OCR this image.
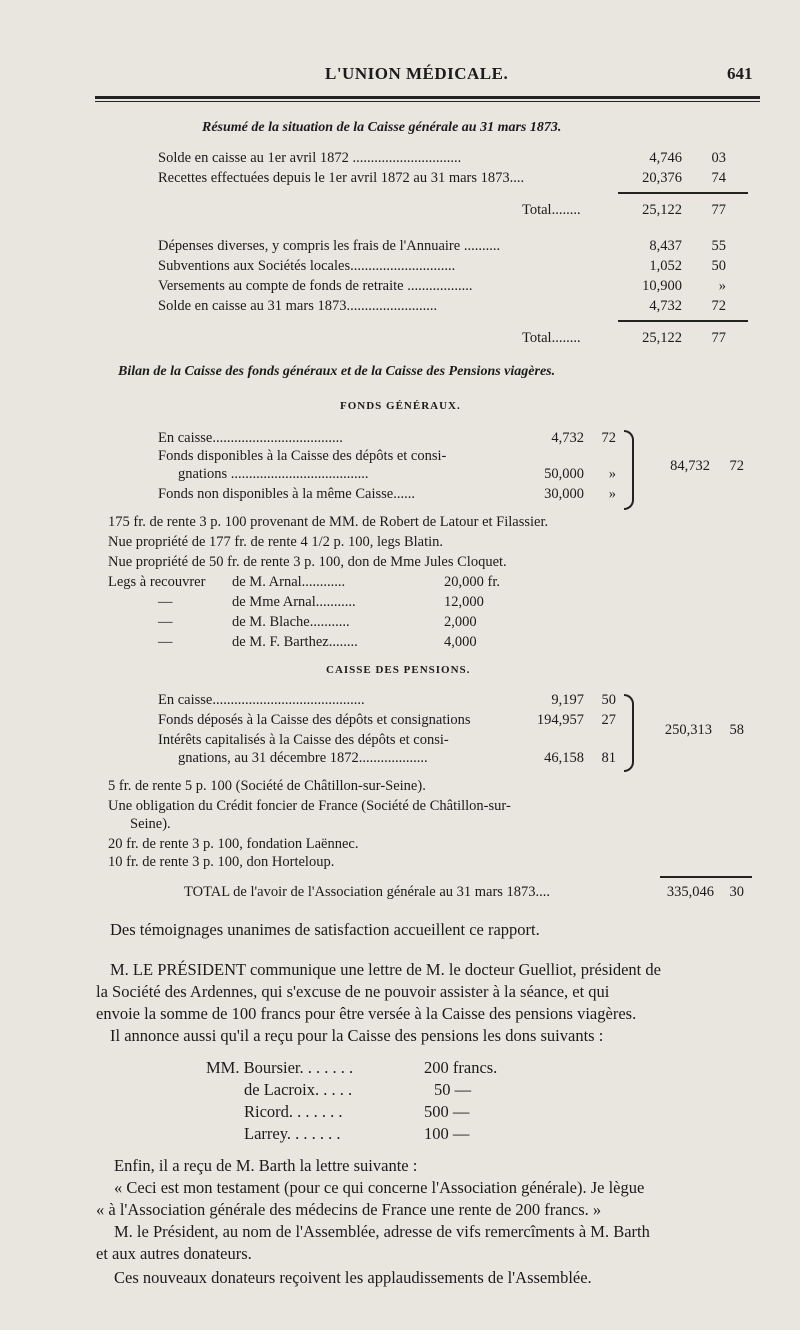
L'UNION MÉDICALE.	641
Résumé de la situation de la Caisse générale au 31 mars 1873.
Solde en caisse au 1er avril 1872 ..............................	4,746	03
Recettes effectuées depuis le 1er avril 1872 au 31 mars 1873....	20,376	74
Total........	25,122	77
Dépenses diverses, y compris les frais de l'Annuaire ..........	8,437	55
Subventions aux Sociétés locales.............................	1,052	50
Versements au compte de fonds de retraite ..................	10,900	»
Solde en caisse au 31 mars 1873.........................	4,732	72
Total........	25,122	77
Bilan de la Caisse des fonds généraux et de la Caisse des Pensions viagères.
FONDS GÉNÉRAUX.
En caisse....................................	4,732	72
Fonds disponibles à la Caisse des dépôts et consi-
gnations ......................................	50,000	»
Fonds non disponibles à la même Caisse......	30,000	»
84,732	72
175 fr. de rente 3 p. 100 provenant de MM. de Robert de Latour et Filassier.
Nue propriété de 177 fr. de rente 4 1/2 p. 100, legs Blatin.
Nue propriété de 50 fr. de rente 3 p. 100, don de Mme Jules Cloquet.
Legs à recouvrer de M. Arnal............	20,000 fr.
—	de Mme Arnal...........	12,000
—	de M. Blache...........	2,000
—	de M. F. Barthez........	4,000
CAISSE DES PENSIONS.
En caisse..........................................	9,197	50
Fonds déposés à la Caisse des dépôts et consignations	194,957	27
Intérêts capitalisés à la Caisse des dépôts et consi-
gnations, au 31 décembre 1872...................	46,158	81
250,313	58
5 fr. de rente 5 p. 100 (Société de Châtillon-sur-Seine).
Une obligation du Crédit foncier de France (Société de Châtillon-sur-
Seine).
20 fr. de rente 3 p. 100, fondation Laënnec.
10 fr. de rente 3 p. 100, don Horteloup.
TOTAL de l'avoir de l'Association générale au 31 mars 1873....	335,046	30
Des témoignages unanimes de satisfaction accueillent ce rapport.
M. LE PRÉSIDENT communique une lettre de M. le docteur Guelliot, président de
la Société des Ardennes, qui s'excuse de ne pouvoir assister à la séance, et qui
envoie la somme de 100 francs pour être versée à la Caisse des pensions viagères.
Il annonce aussi qu'il a reçu pour la Caisse des pensions les dons suivants :
MM. Boursier. . . . . . .	200 francs.
de Lacroix. . . . .	50 —
Ricord. . . . . . .	500 —
Larrey. . . . . . .	100 —
Enfin, il a reçu de M. Barth la lettre suivante :
« Ceci est mon testament (pour ce qui concerne l'Association générale). Je lègue
« à l'Association générale des médecins de France une rente de 200 francs. »
M. le Président, au nom de l'Assemblée, adresse de vifs remercîments à M. Barth
et aux autres donateurs.
Ces nouveaux donateurs reçoivent les applaudissements de l'Assemblée.
